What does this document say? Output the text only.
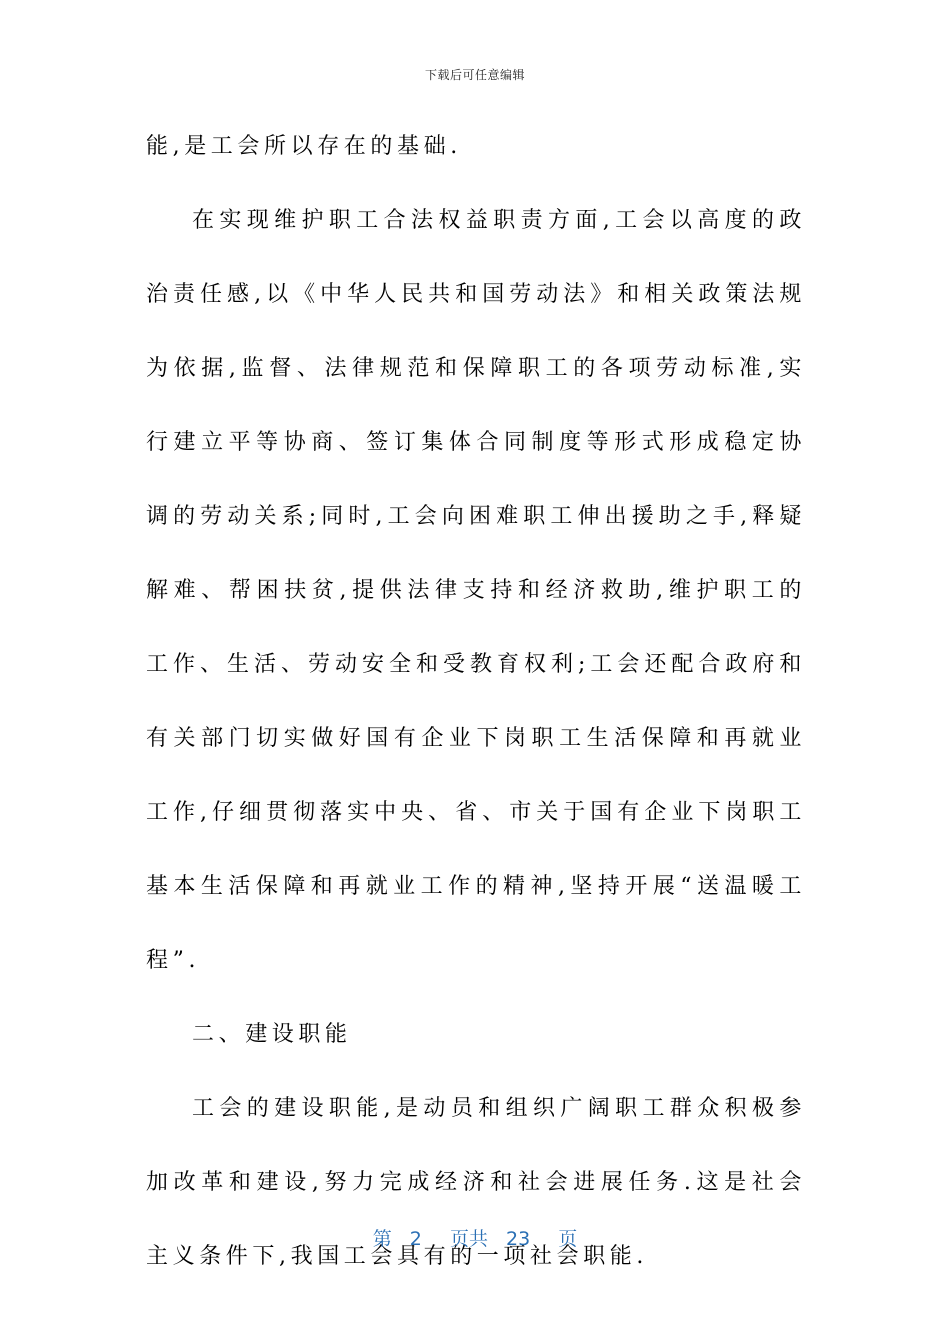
下载后可任意编辑

能,是工会所以存在的基础.

在实现维护职工合法权益职责方面,工会以高度的政治责任感,以《中华人民共和国劳动法》和相关政策法规为依据,监督、法律规范和保障职工的各项劳动标准,实行建立平等协商、签订集体合同制度等形式形成稳定协调的劳动关系;同时,工会向困难职工伸出援助之手,释疑解难、帮困扶贫,提供法律支持和经济救助,维护职工的工作、生活、劳动安全和受教育权利;工会还配合政府和有关部门切实做好国有企业下岗职工生活保障和再就业工作,仔细贯彻落实中央、省、市关于国有企业下岗职工基本生活保障和再就业工作的精神,坚持开展“送温暖工程”.

二、建设职能

工会的建设职能,是动员和组织广阔职工群众积极参加改革和建设,努力完成经济和社会进展任务.这是社会主义条件下,我国工会具有的一项社会职能.

第 2 页共 23 页
